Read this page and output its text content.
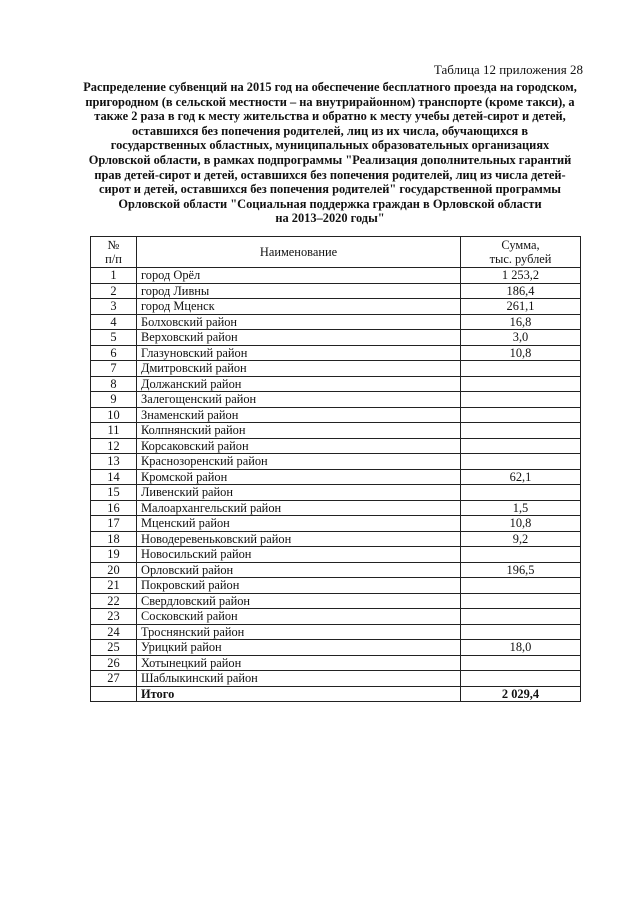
Таблица 12 приложения 28
Распределение субвенций на 2015 год на обеспечение бесплатного проезда на городском,
пригородном (в сельской местности – на внутрирайонном) транспорте (кроме такси), а
также 2 раза в год к месту жительства и обратно к месту учебы детей-сирот и детей,
оставшихся без попечения родителей, лиц из их числа, обучающихся в
государственных областных, муниципальных образовательных организациях
Орловской области, в рамках подпрограммы "Реализация дополнительных гарантий
прав детей-сирот и детей, оставшихся без попечения родителей, лиц из числа детей-
сирот и детей, оставшихся без попечения родителей" государственной программы
Орловской области "Социальная поддержка граждан в Орловской области
на 2013–2020 годы"
№
п/п	Наименование	Сумма,
тыс. рублей
1	город Орёл	1 253,2
2	город Ливны	186,4
3	город Мценск	261,1
4	Болховский район	16,8
5	Верховский район	3,0
6	Глазуновский район	10,8
7	Дмитровский район	
8	Должанский район	
9	Залегощенский район	
10	Знаменский район	
11	Колпнянский район	
12	Корсаковский район	
13	Краснозоренский район	
14	Кромской район	62,1
15	Ливенский район	
16	Малоархангельский район	1,5
17	Мценский район	10,8
18	Новодеревеньковский район	9,2
19	Новосильский район	
20	Орловский район	196,5
21	Покровский район	
22	Свердловский район	
23	Сосковский район	
24	Троснянский район	
25	Урицкий район	18,0
26	Хотынецкий район	
27	Шаблыкинский район	
	Итого	2 029,4
